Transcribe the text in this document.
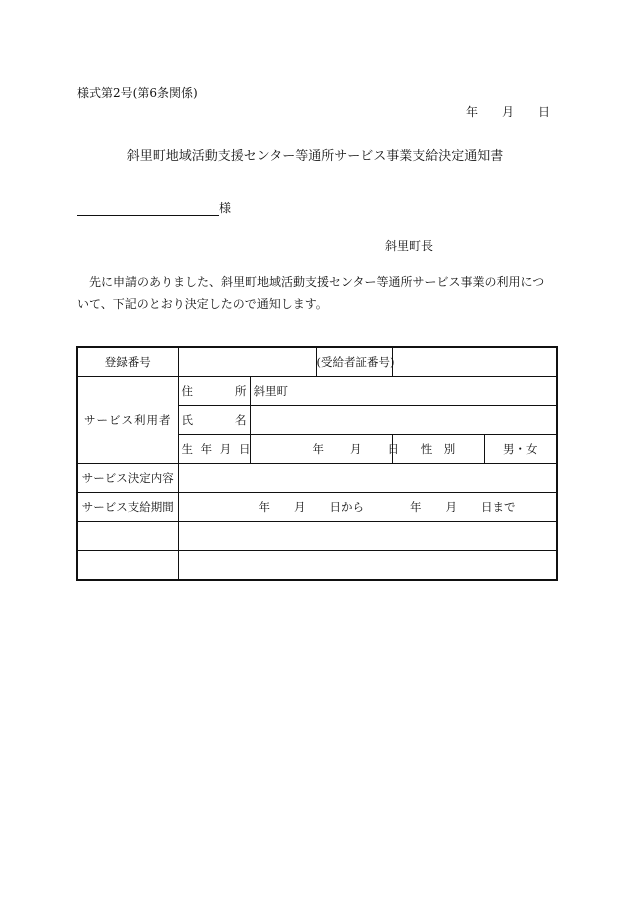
様式第2号(第6条関係)
年 月 日
斜里町地域活動支援センター等通所サービス事業支給決定通知書
様
斜里町長
先に申請のありました、斜里町地域活動支援センター等通所サービス事業の利用について、下記のとおり決定したので通知します。
登録番号			(受給者証番号)		
サービス利用者	住 所	斜里町			

	氏 名				

	生 年 月 日	年 月 日		性　別	男・女
サービス決定内容					
サービス支給期間	年 月 日から 年 月 日まで				
